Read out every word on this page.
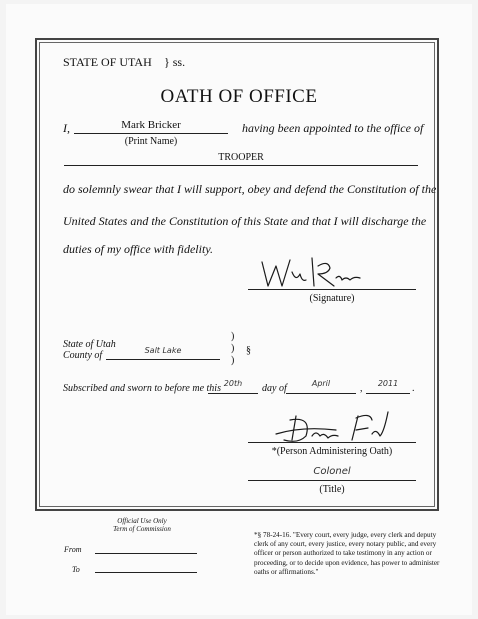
STATE OF UTAH } ss.
OATH OF OFFICE
I,	Mark Bricker
(Print Name)
having been appointed to the office of
TROOPER
do solemnly swear that I will support, obey and defend the Constitution of the
United States and the Constitution of this State and that I will discharge the
duties of my office with fidelity.
(Signature)
State of Utah
County of	Salt Lake
)
)
)
§
Subscribed and sworn to before me this 20th	day of	April	,	2011	.
*(Person Administering Oath)
Colonel
(Title)
Official Use Only
Term of Commission
From
To
*§ 78-24-16. "Every court, every judge, every clerk and deputy clerk of any court, every justice, every notary public, and every officer or person authorized to take testimony in any action or proceeding, or to decide upon evidence, has power to administer oaths or affirmations."
